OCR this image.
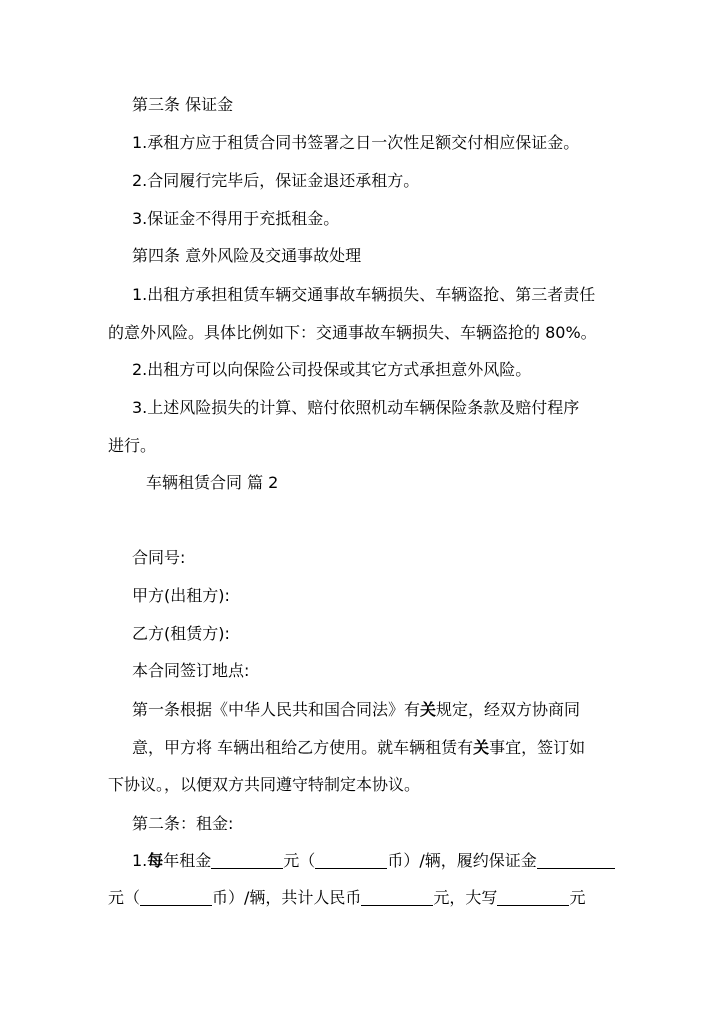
第三条 保证金
1.承租方应于租赁合同书签署之日一次性足额交付相应保证金。
2.合同履行完毕后，保证金退还承租方。
3.保证金不得用于充抵租金。
第四条 意外风险及交通事故处理
1.出租方承担租赁车辆交通事故车辆损失、车辆盗抢、第三者责任
的意外风险。具体比例如下：交通事故车辆损失、车辆盗抢的 80%。
2.出租方可以向保险公司投保或其它方式承担意外风险。
3.上述风险损失的计算、赔付依照机动车辆保险条款及赔付程序
进行。
车辆租赁合同 篇 2
合同号:
甲方(出租方):
乙方(租赁方):
本合同签订地点:
第一条根据《中华人民共和国合同法》有关规定，经双方协商同
意，甲方将 车辆出租给乙方使用。就车辆租赁有关事宜，签订如
下协议。，以便双方共同遵守特制定本协议。
第二条：租金:
1.每年租金	元（	币）/辆，履约保证金
元（	币）/辆，共计人民币	元，大写	元
